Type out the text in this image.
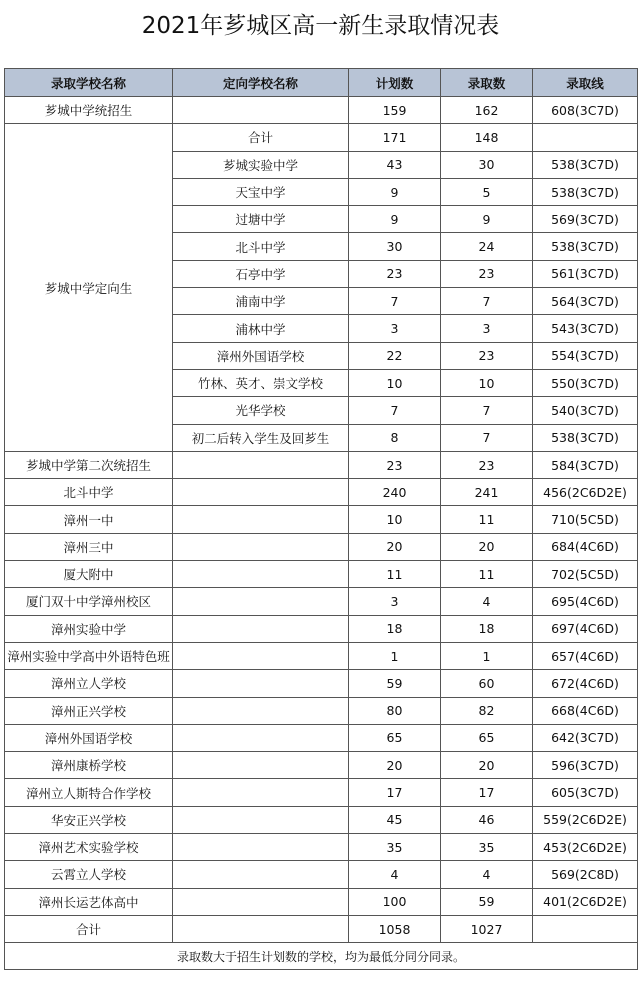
2021年芗城区高一新生录取情况表
录取学校名称	定向学校名称	计划数	录取数	录取线
芗城中学统招生		159	162	608(3C7D)
芗城中学定向生	合计	171	148	
	芗城实验中学	43	30	538(3C7D)
	天宝中学	9	5	538(3C7D)
	过塘中学	9	9	569(3C7D)
	北斗中学	30	24	538(3C7D)
	石亭中学	23	23	561(3C7D)
	浦南中学	7	7	564(3C7D)
	浦林中学	3	3	543(3C7D)
	漳州外国语学校	22	23	554(3C7D)
	竹林、英才、崇文学校	10	10	550(3C7D)
	光华学校	7	7	540(3C7D)
	初二后转入学生及回芗生	8	7	538(3C7D)
芗城中学第二次统招生		23	23	584(3C7D)
北斗中学		240	241	456(2C6D2E)
漳州一中		10	11	710(5C5D)
漳州三中		20	20	684(4C6D)
厦大附中		11	11	702(5C5D)
厦门双十中学漳州校区		3	4	695(4C6D)
漳州实验中学		18	18	697(4C6D)
漳州实验中学高中外语特色班		1	1	657(4C6D)
漳州立人学校		59	60	672(4C6D)
漳州正兴学校		80	82	668(4C6D)
漳州外国语学校		65	65	642(3C7D)
漳州康桥学校		20	20	596(3C7D)
漳州立人斯特合作学校		17	17	605(3C7D)
华安正兴学校		45	46	559(2C6D2E)
漳州艺术实验学校		35	35	453(2C6D2E)
云霄立人学校		4	4	569(2C8D)
漳州长运艺体高中		100	59	401(2C6D2E)
合计		1058	1027	
录取数大于招生计划数的学校，均为最低分同分同录。				
